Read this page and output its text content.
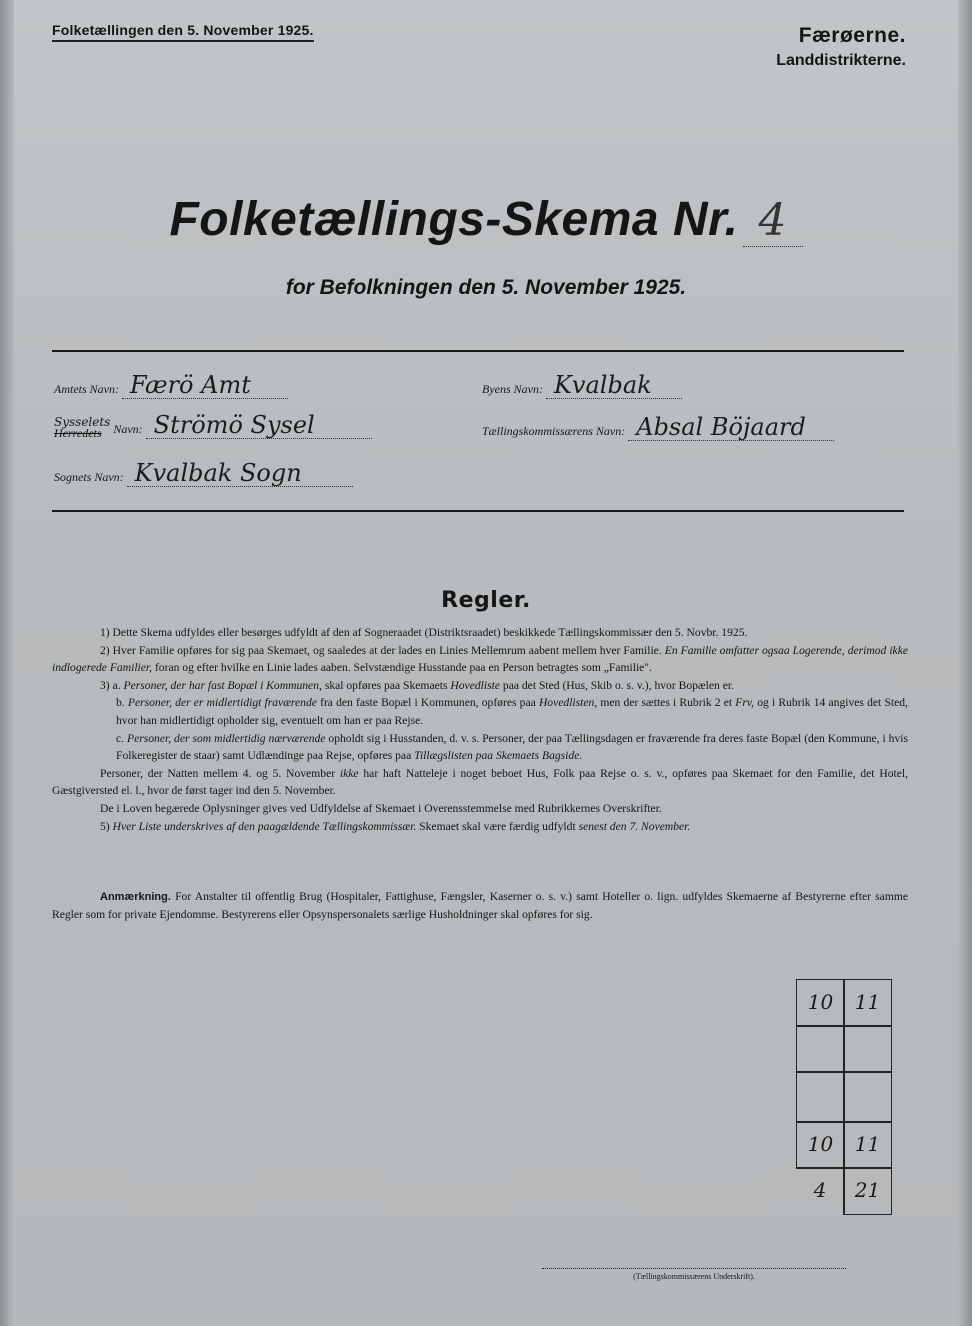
Folketællingen den 5. November 1925.	Færøerne.
Landdistrikterne.
Folketællings-Skema Nr. 4
for Befolkningen den 5. November 1925.
Amtets Navn: Færö Amt	Byens Navn: Kvalbak
Sysselets
Herredets Navn: Strömö Sysel	Tællingskommissærens Navn: Absal Böjaard
Sognets Navn: Kvalbak Sogn
Regler.

1) Dette Skema udfyldes eller besørges udfyldt af den af Sogneraadet (Distriktsraadet) beskikkede Tællingskommissær den 5. Novbr. 1925.

2) Hver Familie opføres for sig paa Skemaet, og saaledes at der lades en Linies Mellemrum aabent mellem hver Familie. En Familie omfatter ogsaa Logerende, derimod ikke indlogerede Familier, foran og efter hvilke en Linie lades aaben. Selvstændige Husstande paa en Person betragtes som „Familie".

3) a. Personer, der har fast Bopæl i Kommunen, skal opføres paa Skemaets Hovedliste paa det Sted (Hus, Skib o. s. v.), hvor Bopælen er.

b. Personer, der er midlertidigt fraværende fra den faste Bopæl i Kommunen, opføres paa Hovedlisten, men der sættes i Rubrik 2 et Frv, og i Rubrik 14 angives det Sted, hvor han midlertidigt opholder sig, eventuelt om han er paa Rejse.

c. Personer, der som midlertidig nærværende opholdt sig i Husstanden, d. v. s. Personer, der paa Tællingsdagen er fraværende fra deres faste Bopæl (den Kommune, i hvis Folkeregister de staar) samt Udlændinge paa Rejse, opføres paa Tillægslisten paa Skemaets Bagside.

Personer, der Natten mellem 4. og 5. November ikke har haft Natteleje i noget beboet Hus, Folk paa Rejse o. s. v., opføres paa Skemaet for den Familie, det Hotel, Gæstgiversted el. l., hvor de først tager ind den 5. November.

De i Loven begærede Oplysninger gives ved Udfyldelse af Skemaet i Overensstemmelse med Rubrikkernes Overskrifter.

5) Hver Liste underskrives af den paagældende Tællingskommissær. Skemaet skal være færdig udfyldt senest den 7. November.

Anmærkning. For Anstalter til offentlig Brug (Hospitaler, Fattighuse, Fængsler, Kaserner o. s. v.) samt Hoteller o. lign. udfyldes Skemaerne af Bestyrerne efter samme Regler som for private Ejendomme. Bestyrerens eller Opsynspersonalets særlige Husholdninger skal opføres for sig.

10	11
10	11
4	21
(Tællingskommissærens Underskrift).
